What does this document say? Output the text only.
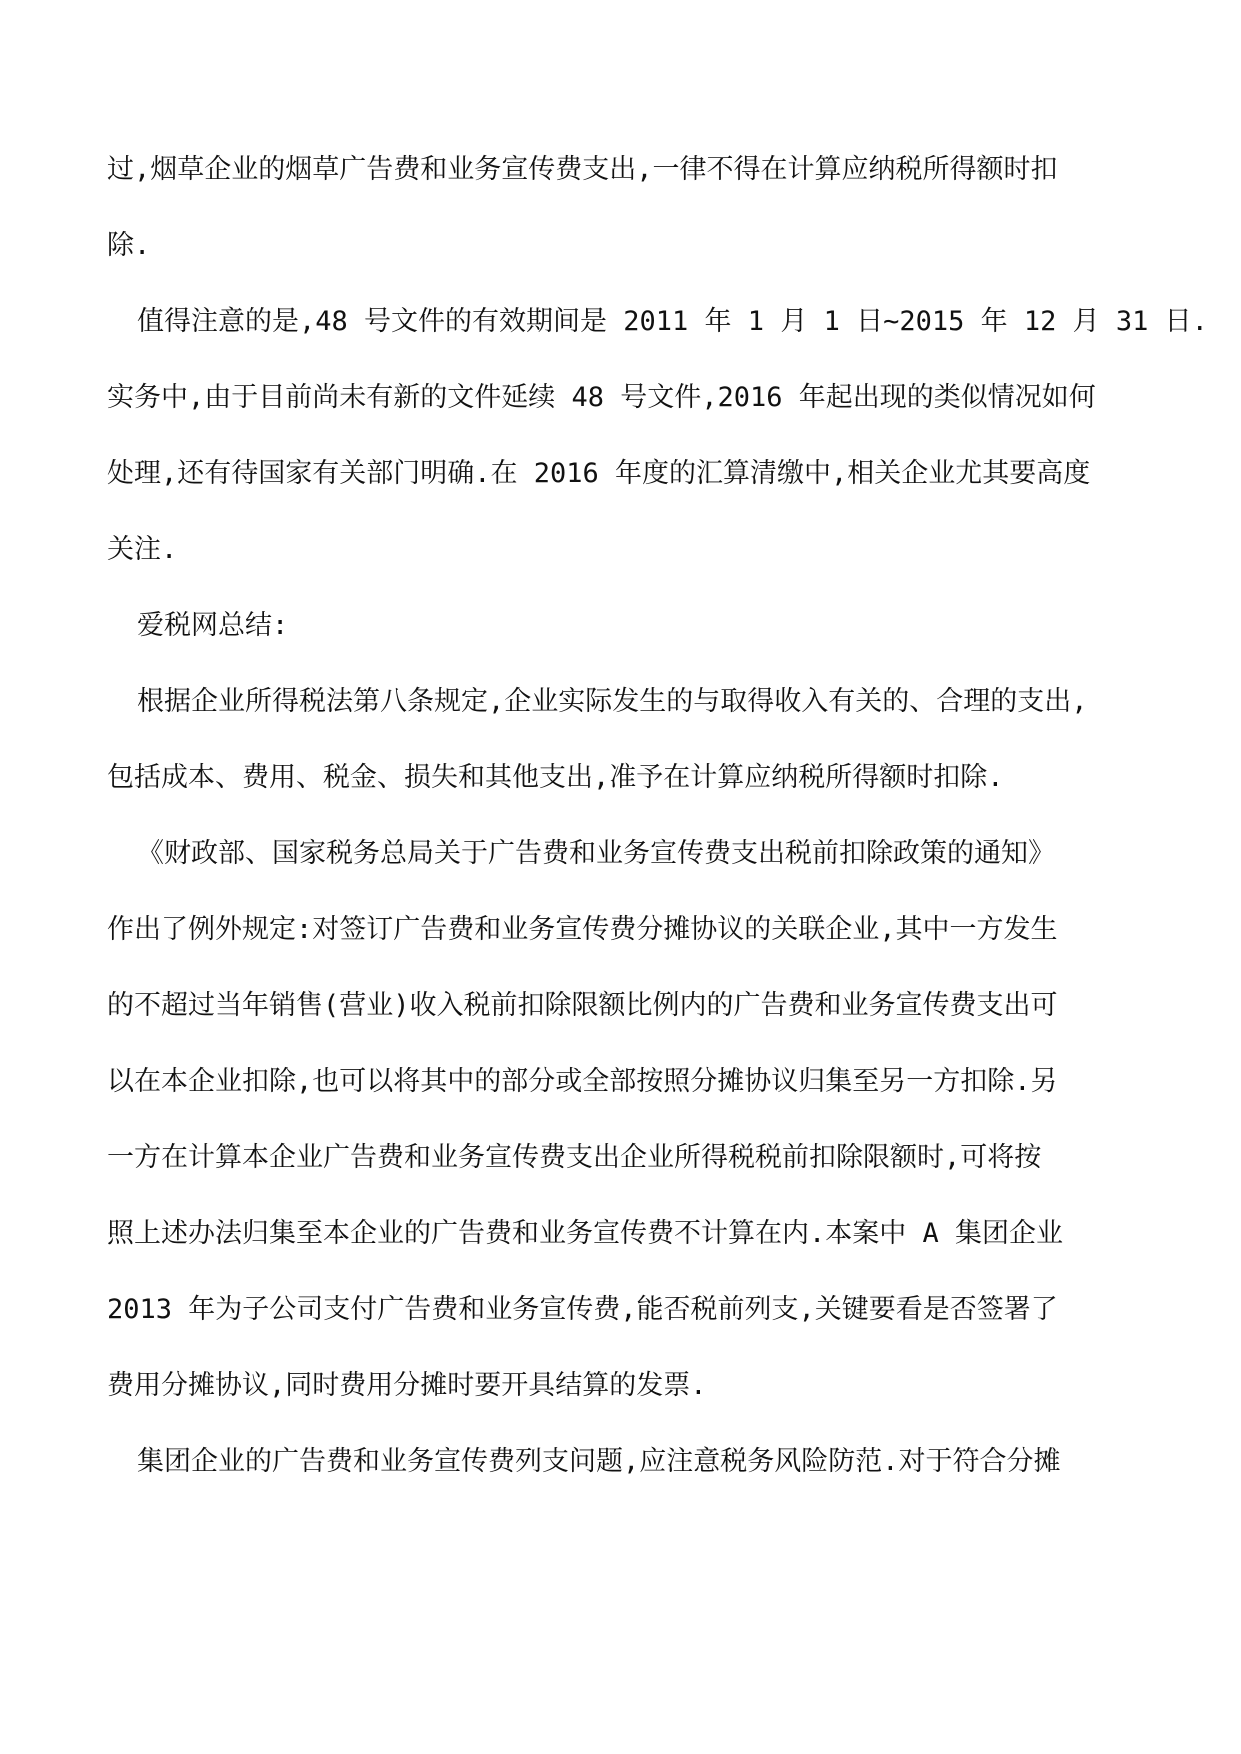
过,烟草企业的烟草广告费和业务宣传费支出,一律不得在计算应纳税所得额时扣
除.
值得注意的是,48 号文件的有效期间是 2011 年 1 月 1 日~2015 年 12 月 31 日.
实务中,由于目前尚未有新的文件延续 48 号文件,2016 年起出现的类似情况如何
处理,还有待国家有关部门明确.在 2016 年度的汇算清缴中,相关企业尤其要高度
关注.
爱税网总结:
根据企业所得税法第八条规定,企业实际发生的与取得收入有关的、合理的支出,
包括成本、费用、税金、损失和其他支出,准予在计算应纳税所得额时扣除.
《财政部、国家税务总局关于广告费和业务宣传费支出税前扣除政策的通知》
作出了例外规定:对签订广告费和业务宣传费分摊协议的关联企业,其中一方发生
的不超过当年销售(营业)收入税前扣除限额比例内的广告费和业务宣传费支出可
以在本企业扣除,也可以将其中的部分或全部按照分摊协议归集至另一方扣除.另
一方在计算本企业广告费和业务宣传费支出企业所得税税前扣除限额时,可将按
照上述办法归集至本企业的广告费和业务宣传费不计算在内.本案中 A 集团企业
2013 年为子公司支付广告费和业务宣传费,能否税前列支,关键要看是否签署了
费用分摊协议,同时费用分摊时要开具结算的发票.
集团企业的广告费和业务宣传费列支问题,应注意税务风险防范.对于符合分摊
